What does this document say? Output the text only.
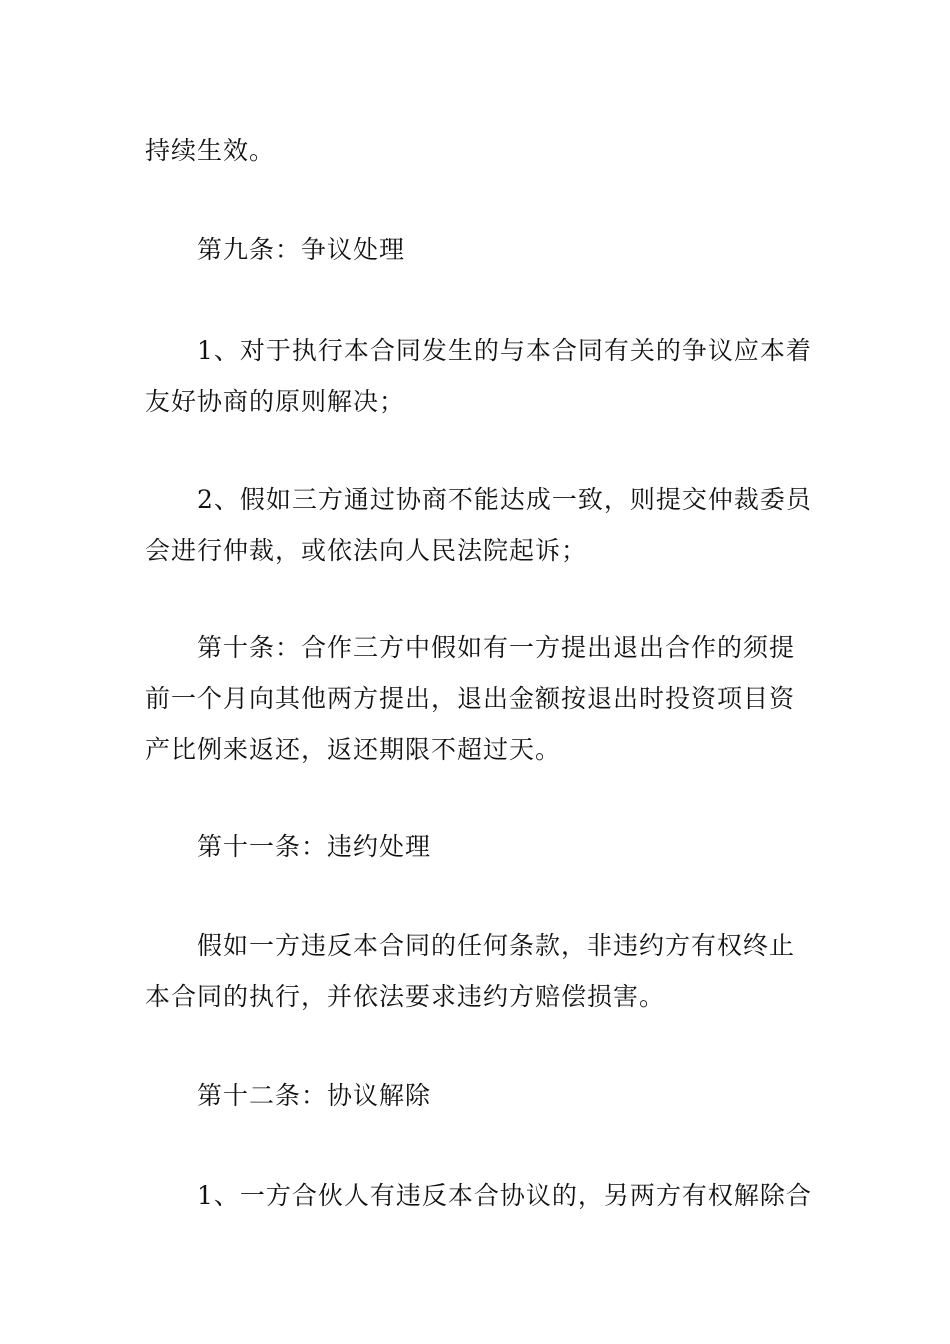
持续生效。

第九条：争议处理

1、对于执行本合同发生的与本合同有关的争议应本着
友好协商的原则解决；

2、假如三方通过协商不能达成一致，则提交仲裁委员
会进行仲裁，或依法向人民法院起诉；

第十条：合作三方中假如有一方提出退出合作的须提
前一个月向其他两方提出，退出金额按退出时投资项目资
产比例来返还，返还期限不超过天。

第十一条：违约处理

假如一方违反本合同的任何条款，非违约方有权终止
本合同的执行，并依法要求违约方赔偿损害。

第十二条：协议解除

1、一方合伙人有违反本合协议的，另两方有权解除合
